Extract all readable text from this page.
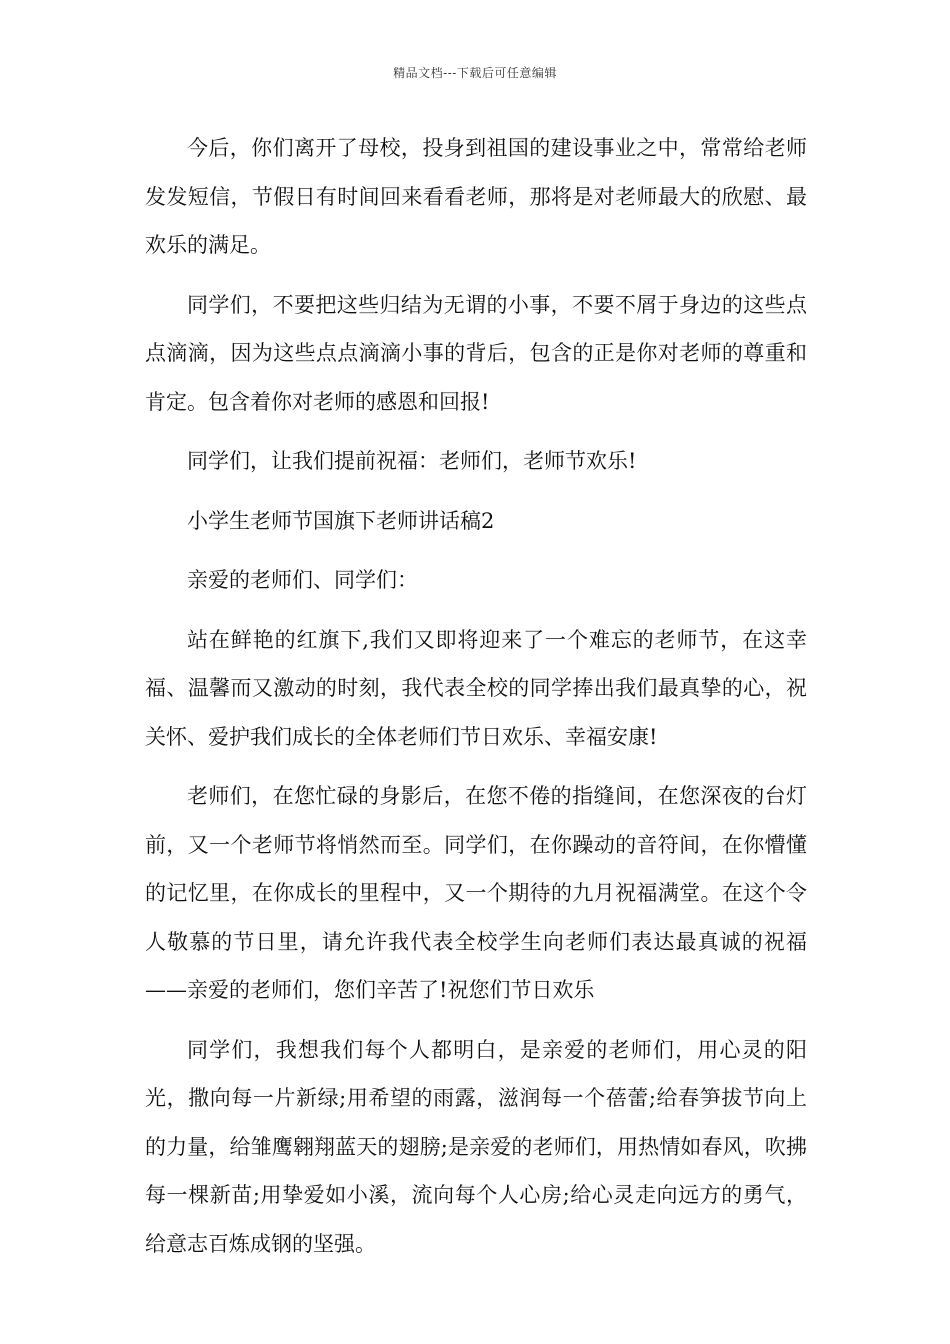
精品文档---下载后可任意编辑

今后，你们离开了母校，投身到祖国的建设事业之中，常常给老师发发短信，节假日有时间回来看看老师，那将是对老师最大的欣慰、最欢乐的满足。

同学们，不要把这些归结为无谓的小事，不要不屑于身边的这些点点滴滴，因为这些点点滴滴小事的背后，包含的正是你对老师的尊重和肯定。包含着你对老师的感恩和回报!

同学们，让我们提前祝福：老师们，老师节欢乐!

小学生老师节国旗下老师讲话稿2

亲爱的老师们、同学们：

站在鲜艳的红旗下,我们又即将迎来了一个难忘的老师节，在这幸福、温馨而又激动的时刻，我代表全校的同学捧出我们最真挚的心，祝关怀、爱护我们成长的全体老师们节日欢乐、幸福安康!

老师们，在您忙碌的身影后，在您不倦的指缝间，在您深夜的台灯前，又一个老师节将悄然而至。同学们，在你躁动的音符间，在你懵懂的记忆里，在你成长的里程中，又一个期待的九月祝福满堂。在这个令人敬慕的节日里，请允许我代表全校学生向老师们表达最真诚的祝福——亲爱的老师们，您们辛苦了!祝您们节日欢乐

同学们，我想我们每个人都明白，是亲爱的老师们，用心灵的阳光，撒向每一片新绿;用希望的雨露，滋润每一个蓓蕾;给春笋拔节向上的力量，给雏鹰翱翔蓝天的翅膀;是亲爱的老师们，用热情如春风，吹拂每一棵新苗;用挚爱如小溪，流向每个人心房;给心灵走向远方的勇气，给意志百炼成钢的坚强。
